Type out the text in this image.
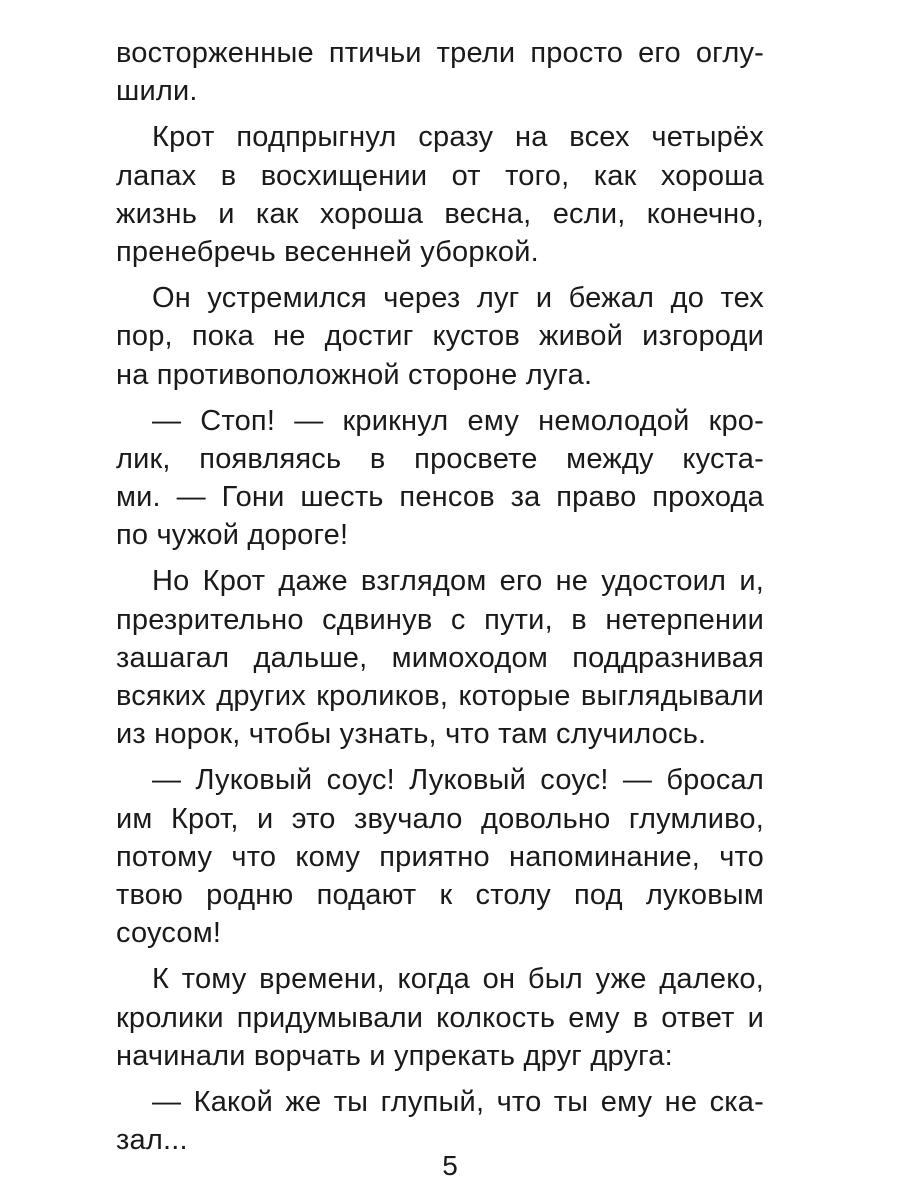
восторженные птичьи трели просто его оглу-
шили.
Крот подпрыгнул сразу на всех четырёх
лапах в восхищении от того, как хороша
жизнь и как хороша весна, если, конечно,
пренебречь весенней уборкой.
Он устремился через луг и бежал до тех
пор, пока не достиг кустов живой изгороди
на противоположной стороне луга.
— Стоп! — крикнул ему немолодой кро-
лик, появляясь в просвете между куста-
ми. — Гони шесть пенсов за право прохода
по чужой дороге!
Но Крот даже взглядом его не удостоил и,
презрительно сдвинув с пути, в нетерпении
зашагал дальше, мимоходом поддразнивая
всяких других кроликов, которые выглядывали
из норок, чтобы узнать, что там случилось.
— Луковый соус! Луковый соус! — бросал
им Крот, и это звучало довольно глумливо,
потому что кому приятно напоминание, что
твою родню подают к столу под луковым
соусом!
К тому времени, когда он был уже далеко,
кролики придумывали колкость ему в ответ и
начинали ворчать и упрекать друг друга:
— Какой же ты глупый, что ты ему не ска-
зал...
5
